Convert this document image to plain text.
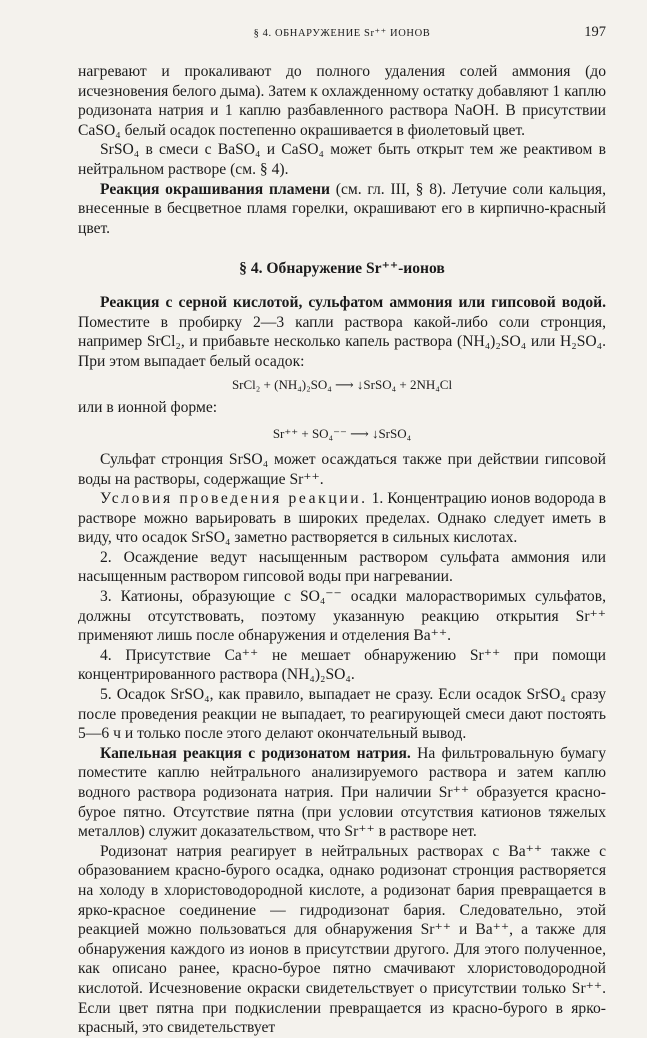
§ 4. ОБНАРУЖЕНИЕ Sr⁺⁺ ИОНОВ	197

нагревают и прокаливают до полного удаления солей аммония (до исчезновения белого дыма). Затем к охлажденному остатку добавляют 1 каплю родизоната натрия и 1 каплю разбавленного раствора NaOH. В присутствии CaSO₄ белый осадок постепенно окрашивается в фиолетовый цвет.

SrSO₄ в смеси с BaSO₄ и CaSO₄ может быть открыт тем же реактивом в нейтральном растворе (см. § 4).

Реакция окрашивания пламени (см. гл. III, § 8). Летучие соли кальция, внесенные в бесцветное пламя горелки, окрашивают его в кирпично-красный цвет.

§ 4. Обнаружение Sr⁺⁺-ионов

Реакция с серной кислотой, сульфатом аммония или гипсовой водой. Поместите в пробирку 2—3 капли раствора какой-либо соли стронция, например SrCl₂, и прибавьте несколько капель раствора (NH₄)₂SO₄ или H₂SO₄. При этом выпадает белый осадок:

SrCl₂ + (NH₄)₂SO₄ ⟶ ↓SrSO₄ + 2NH₄Cl

или в ионной форме:

Sr⁺⁺ + SO₄⁻⁻ ⟶ ↓SrSO₄

Сульфат стронция SrSO₄ может осаждаться также при действии гипсовой воды на растворы, содержащие Sr⁺⁺.

Условия проведения реакции. 1. Концентрацию ионов водорода в растворе можно варьировать в широких пределах. Однако следует иметь в виду, что осадок SrSO₄ заметно растворяется в сильных кислотах.

2. Осаждение ведут насыщенным раствором сульфата аммония или насыщенным раствором гипсовой воды при нагревании.

3. Катионы, образующие с SO₄⁻⁻ осадки малорастворимых сульфатов, должны отсутствовать, поэтому указанную реакцию открытия Sr⁺⁺ применяют лишь после обнаружения и отделения Ba⁺⁺.

4. Присутствие Ca⁺⁺ не мешает обнаружению Sr⁺⁺ при помощи концентрированного раствора (NH₄)₂SO₄.

5. Осадок SrSO₄, как правило, выпадает не сразу. Если осадок SrSO₄ сразу после проведения реакции не выпадает, то реагирующей смеси дают постоять 5—6 ч и только после этого делают окончательный вывод.

Капельная реакция с родизонатом натрия. На фильтровальную бумагу поместите каплю нейтрального анализируемого раствора и затем каплю водного раствора родизоната натрия. При наличии Sr⁺⁺ образуется красно-бурое пятно. Отсутствие пятна (при условии отсутствия катионов тяжелых металлов) служит доказательством, что Sr⁺⁺ в растворе нет.

Родизонат натрия реагирует в нейтральных растворах с Ba⁺⁺ также с образованием красно-бурого осадка, однако родизонат стронция растворяется на холоду в хлористоводородной кислоте, а родизонат бария превращается в ярко-красное соединение — гидродизонат бария. Следовательно, этой реакцией можно пользоваться для обнаружения Sr⁺⁺ и Ba⁺⁺, а также для обнаружения каждого из ионов в присутствии другого. Для этого полученное, как описано ранее, красно-бурое пятно смачивают хлористоводородной кислотой. Исчезновение окраски свидетельствует о присутствии только Sr⁺⁺. Если цвет пятна при подкислении превращается из красно-бурого в ярко-красный, это свидетельствует
